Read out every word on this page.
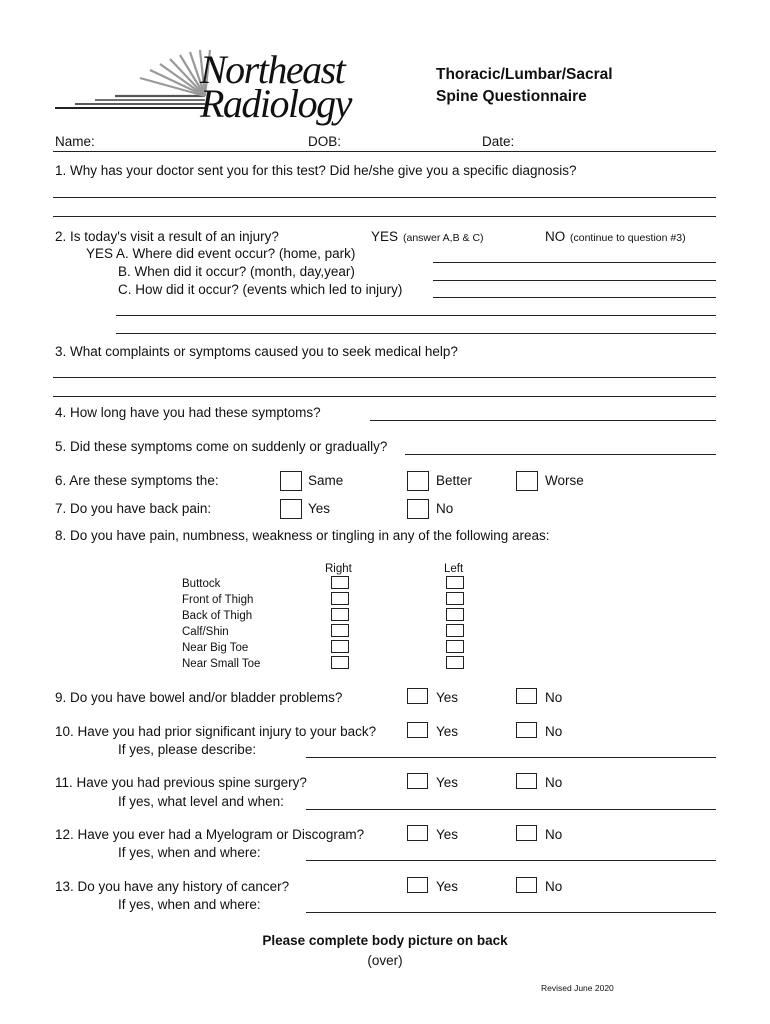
Northeast
Radiology
Thoracic/Lumbar/Sacral
Spine Questionnaire
Name:	DOB:	Date:
1. Why has your doctor sent you for this test? Did he/she give you a specific diagnosis?
2. Is today's visit a result of an injury?	YES (answer A,B & C)	NO (continue to question #3)
YES A. Where did event occur? (home, park)
B. When did it occur? (month, day,year)
C. How did it occur? (events which led to injury)
3. What complaints or symptoms caused you to seek medical help?
4. How long have you had these symptoms?
5. Did these symptoms come on suddenly or gradually?
6. Are these symptoms the:	Same	Better	Worse
7. Do you have back pain:	Yes	No
8. Do you have pain, numbness, weakness or tingling in any of the following areas:
Right	Left
Buttock
Front of Thigh
Back of Thigh
Calf/Shin
Near Big Toe
Near Small Toe
9. Do you have bowel and/or bladder problems?	Yes	No
10. Have you had prior significant injury to your back?	Yes	No
If yes, please describe:
11. Have you had previous spine surgery?	Yes	No
If yes, what level and when:
12. Have you ever had a Myelogram or Discogram?	Yes	No
If yes, when and where:
13. Do you have any history of cancer?	Yes	No
If yes, when and where:
Please complete body picture on back
(over)
Revised June 2020
